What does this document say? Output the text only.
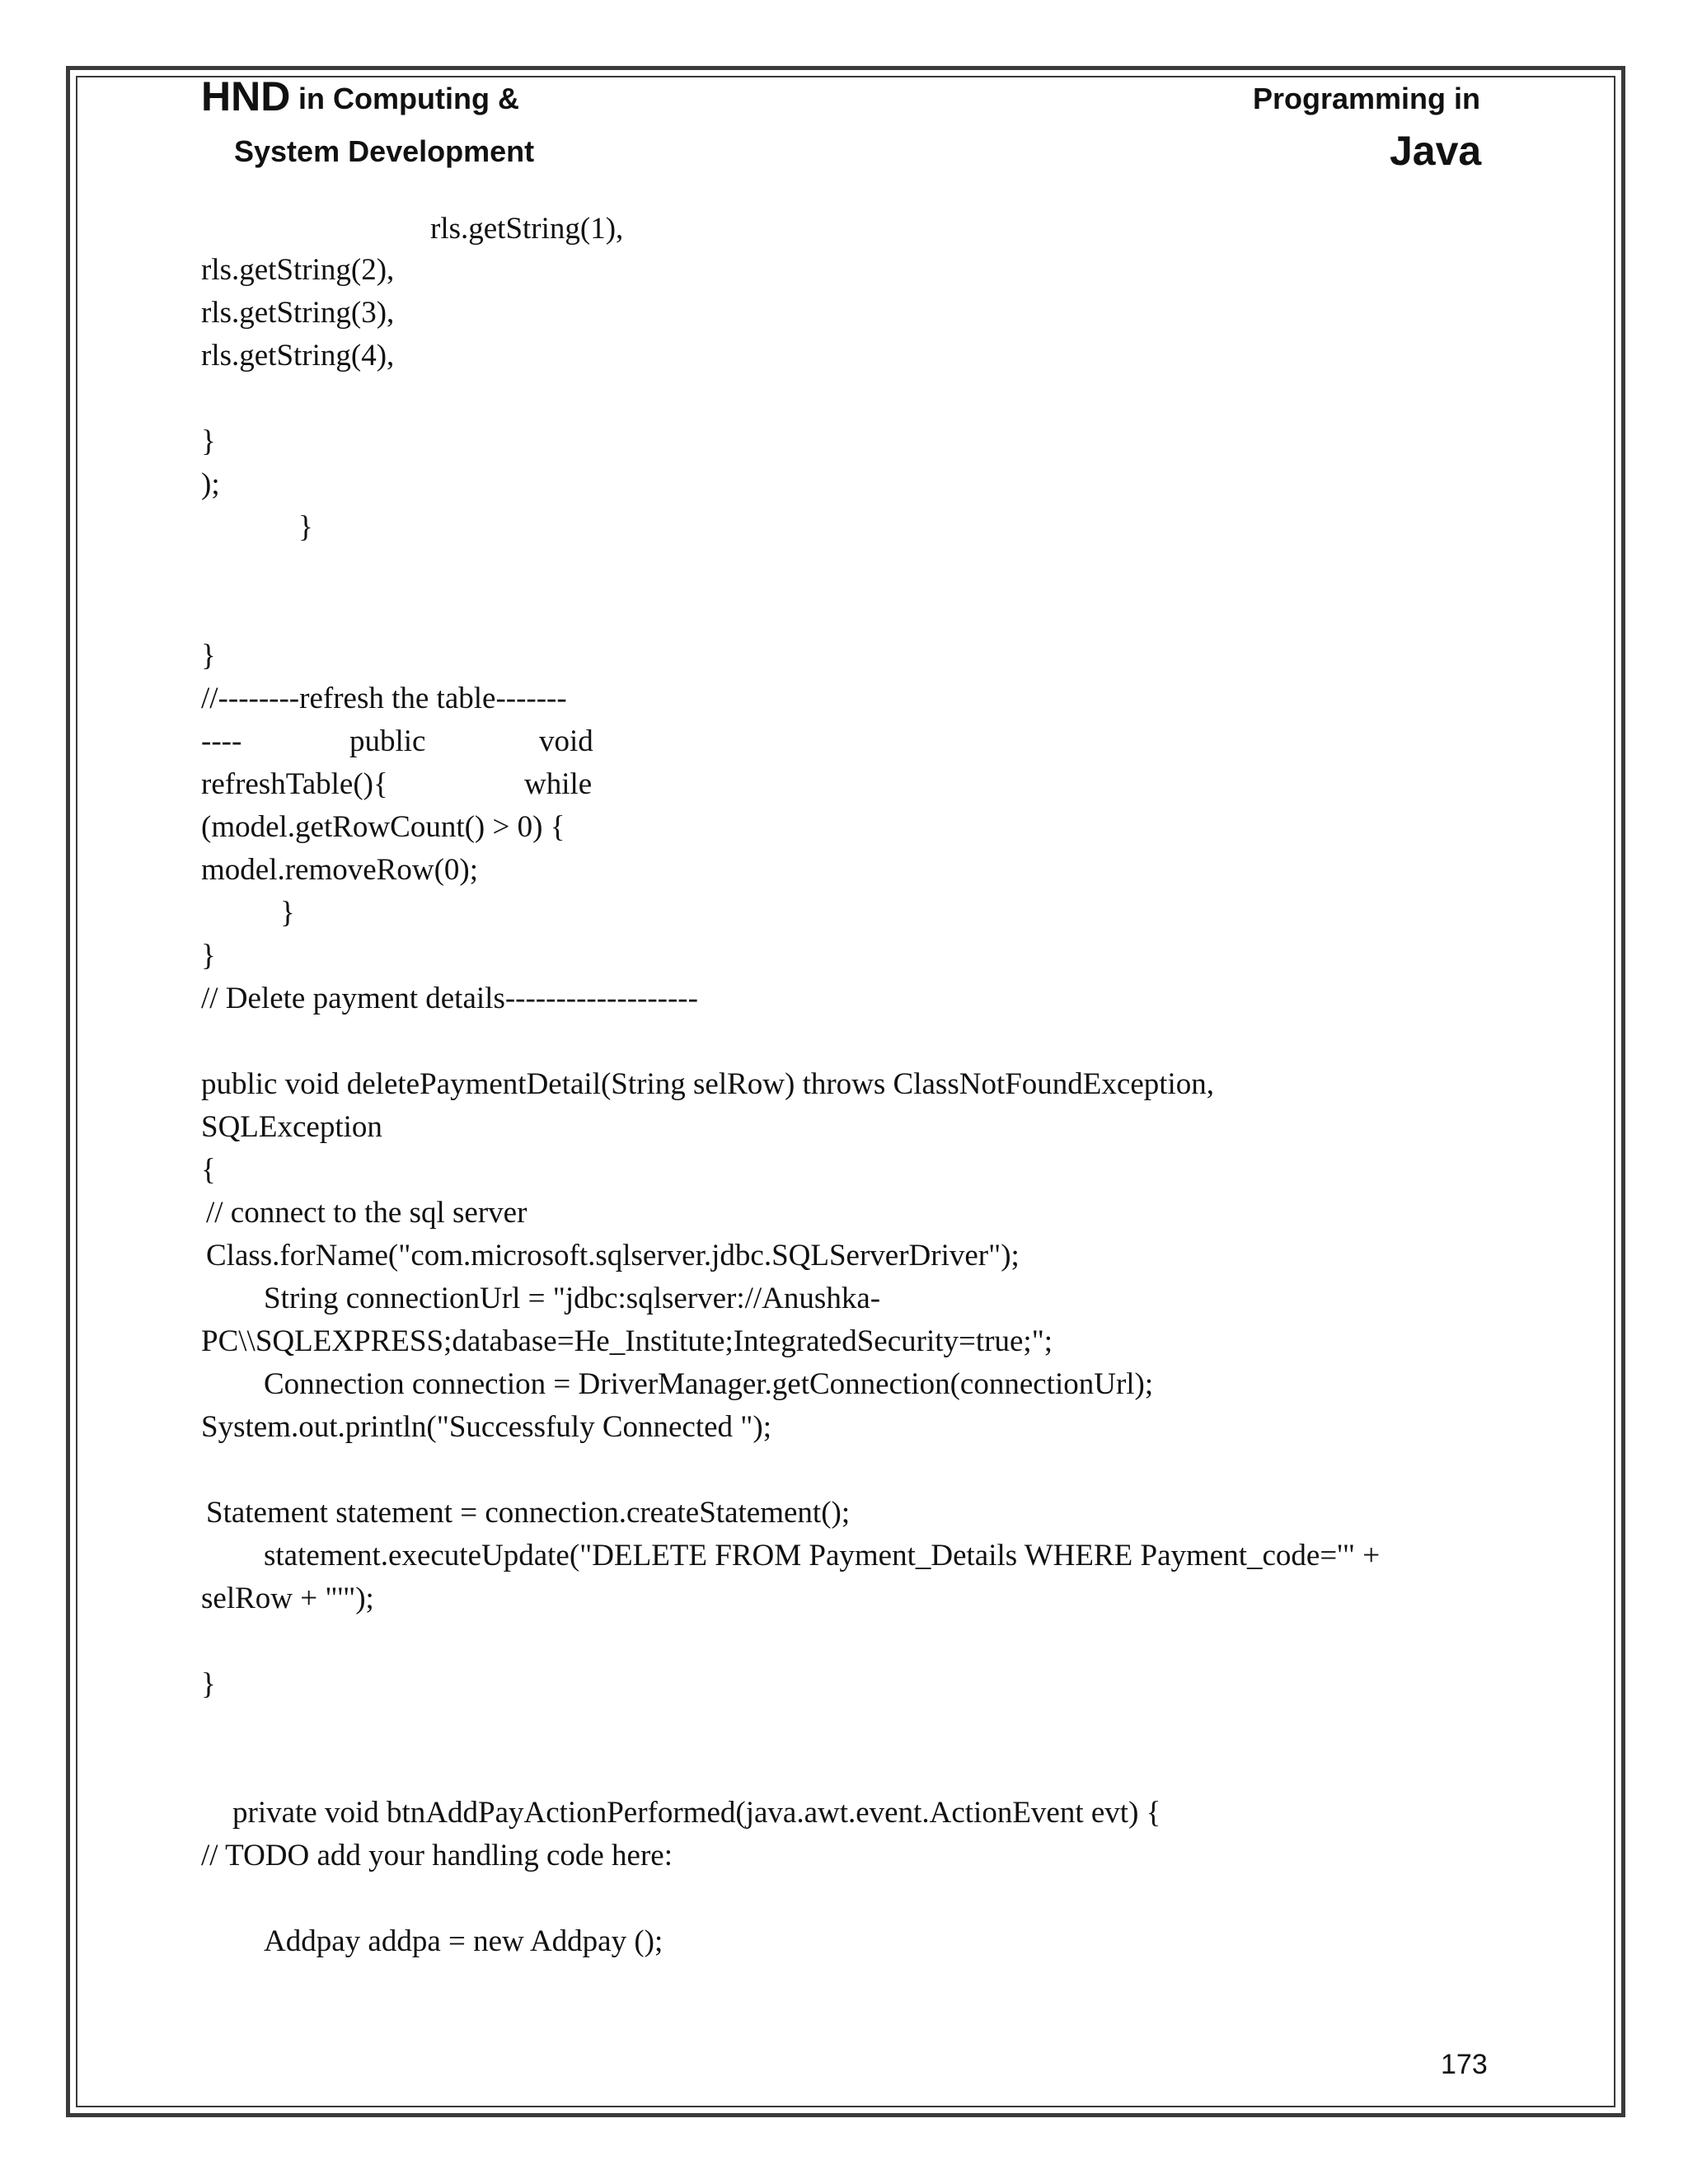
HND in Computing &
System Development
Programming in
Java
rls.getString(1),
rls.getString(2),
rls.getString(3),
rls.getString(4),
}
);
}
}
//--------refresh the table-------
----	public	void
refreshTable(){	while
(model.getRowCount() > 0) {
model.removeRow(0);
}
}
// Delete payment details-------------------
public void deletePaymentDetail(String selRow) throws ClassNotFoundException,
SQLException
{
// connect to the sql server
Class.forName("com.microsoft.sqlserver.jdbc.SQLServerDriver");
String connectionUrl = "jdbc:sqlserver://Anushka-
PC\\SQLEXPRESS;database=He_Institute;IntegratedSecurity=true;";
Connection connection = DriverManager.getConnection(connectionUrl);
System.out.println("Successfuly Connected ");
Statement statement = connection.createStatement();
statement.executeUpdate("DELETE FROM Payment_Details WHERE Payment_code='" +
selRow + "'");
}
private void btnAddPayActionPerformed(java.awt.event.ActionEvent evt) {
// TODO add your handling code here:
Addpay addpa = new Addpay ();
173
